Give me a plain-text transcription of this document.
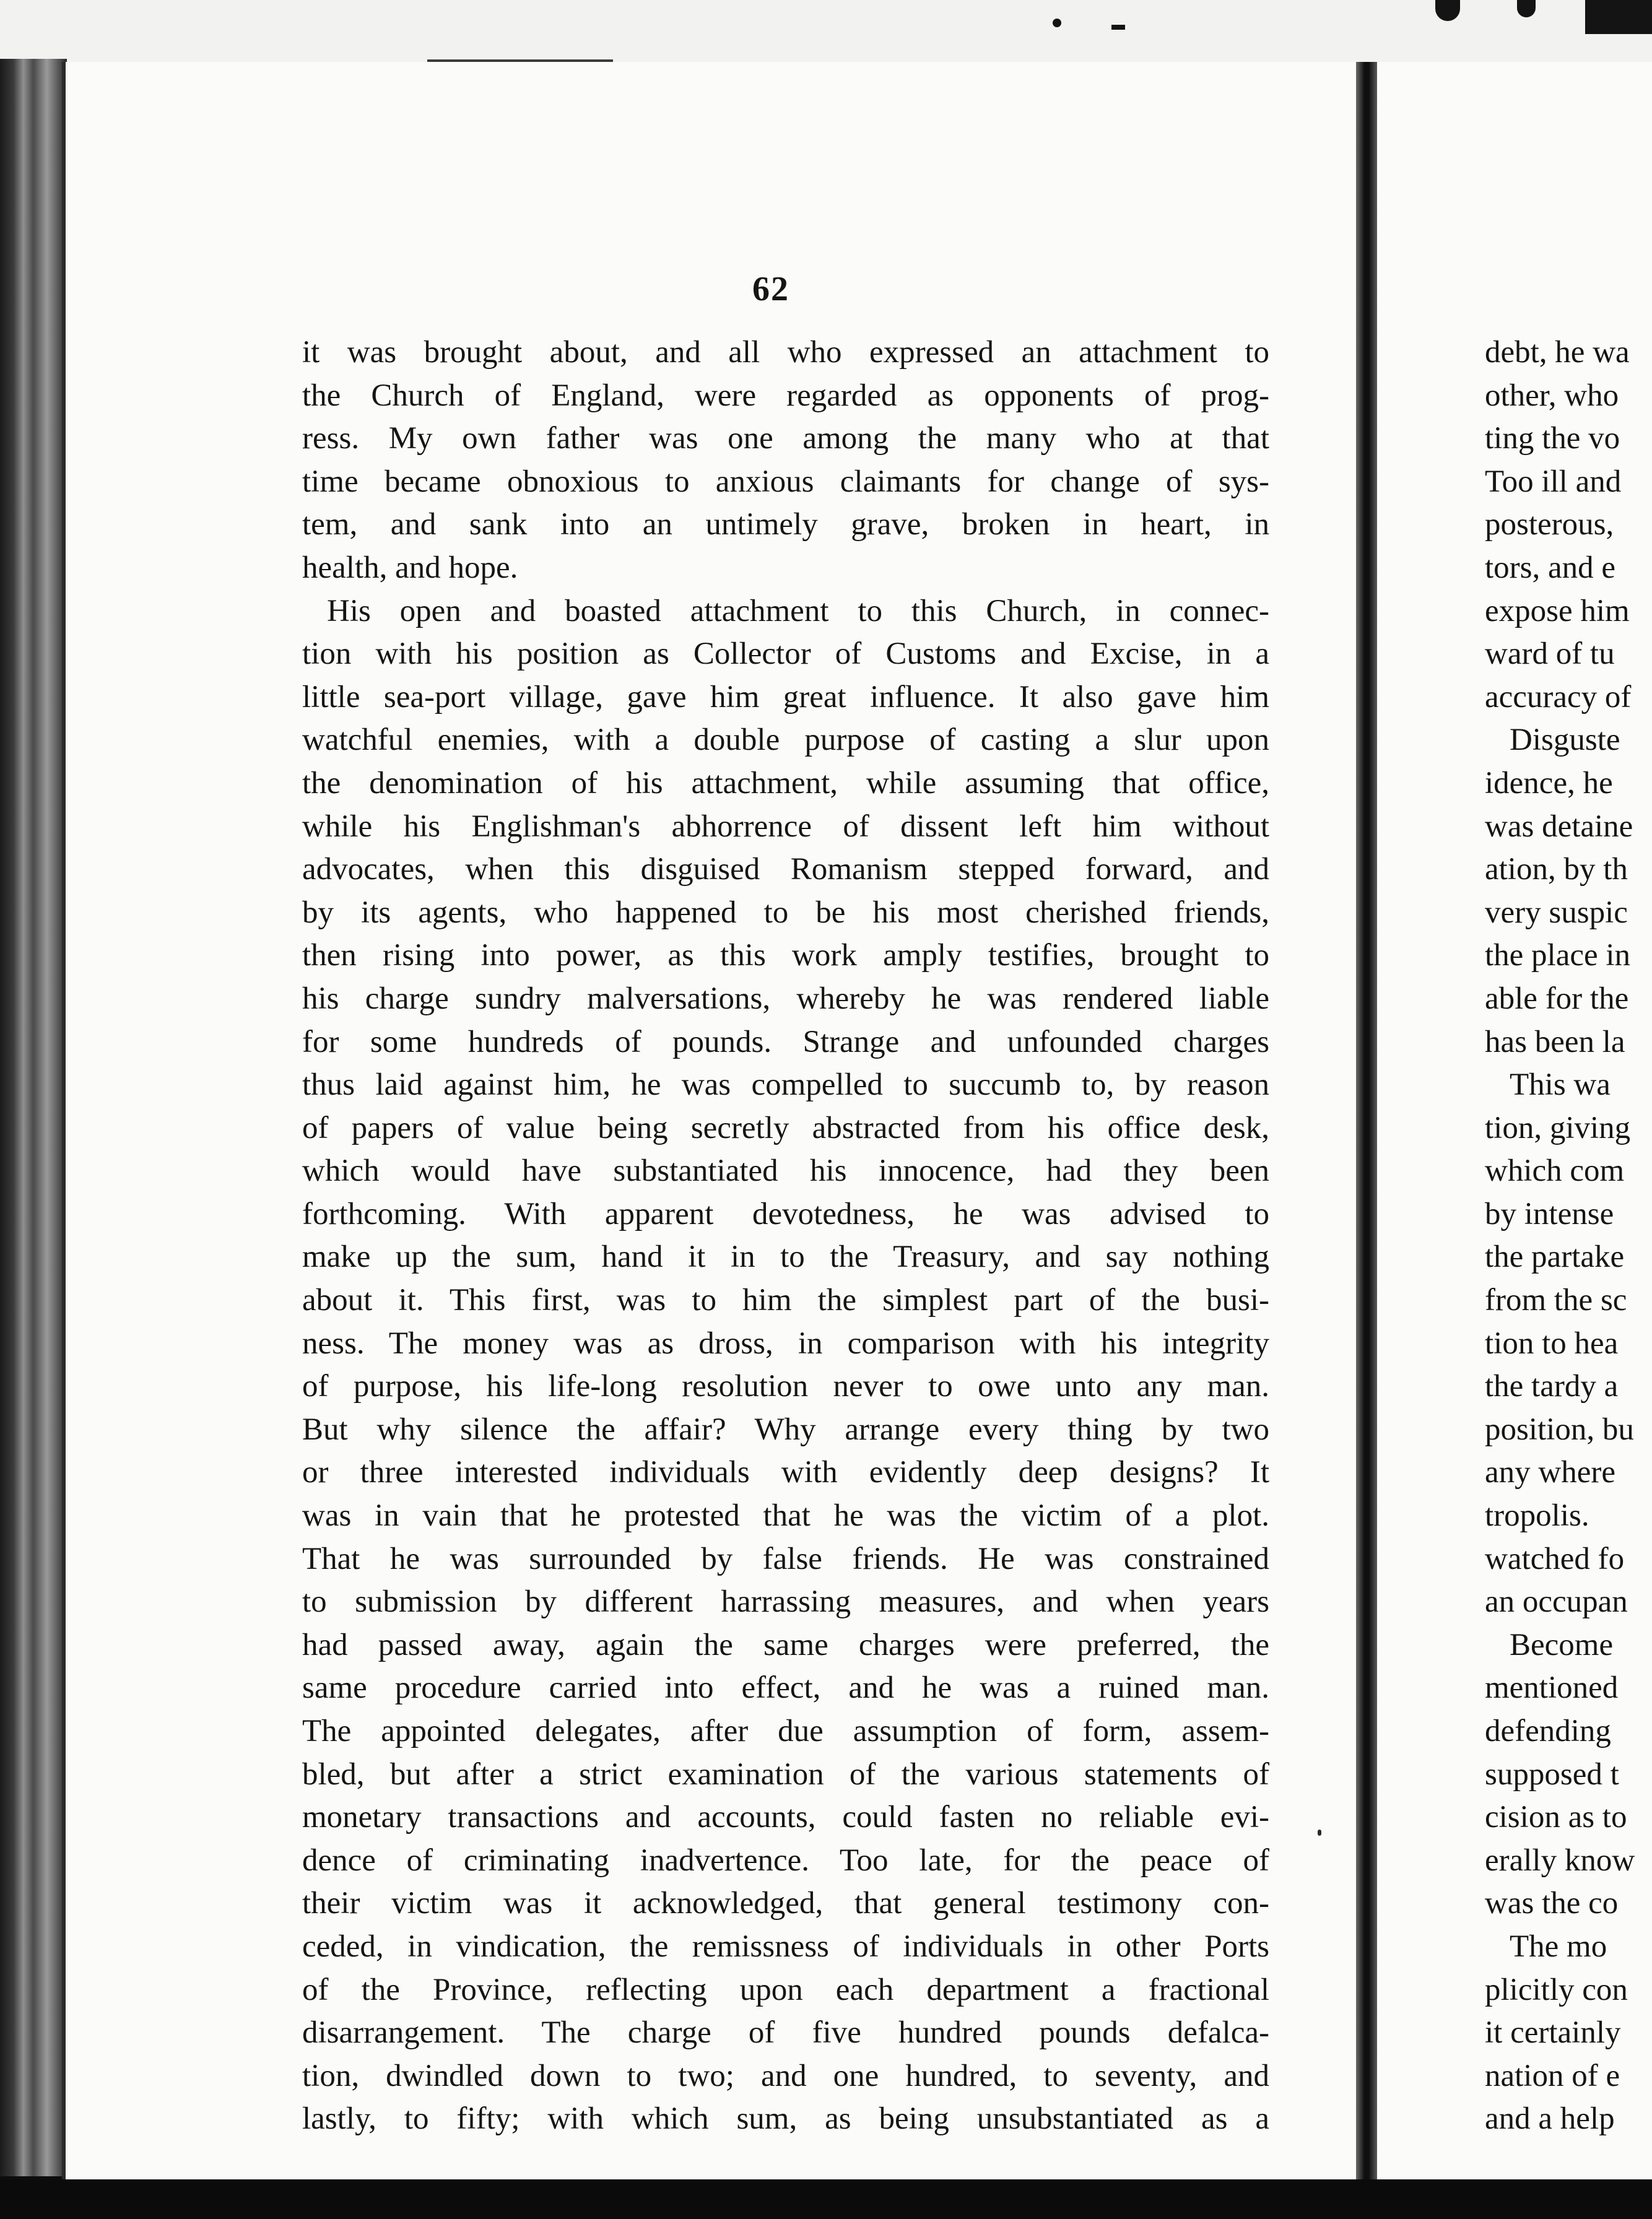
62
it was brought about, and all who expressed an attachment to
the Church of England, were regarded as opponents of prog-
ress. My own father was one among the many who at that
time became obnoxious to anxious claimants for change of sys-
tem, and sank into an untimely grave, broken in heart, in
health, and hope.
His open and boasted attachment to this Church, in connec-
tion with his position as Collector of Customs and Excise, in a
little sea-port village, gave him great influence. It also gave him
watchful enemies, with a double purpose of casting a slur upon
the denomination of his attachment, while assuming that office,
while his Englishman's abhorrence of dissent left him without
advocates, when this disguised Romanism stepped forward, and
by its agents, who happened to be his most cherished friends,
then rising into power, as this work amply testifies, brought to
his charge sundry malversations, whereby he was rendered liable
for some hundreds of pounds. Strange and unfounded charges
thus laid against him, he was compelled to succumb to, by reason
of papers of value being secretly abstracted from his office desk,
which would have substantiated his innocence, had they been
forthcoming. With apparent devotedness, he was advised to
make up the sum, hand it in to the Treasury, and say nothing
about it. This first, was to him the simplest part of the busi-
ness. The money was as dross, in comparison with his integrity
of purpose, his life-long resolution never to owe unto any man.
But why silence the affair? Why arrange every thing by two
or three interested individuals with evidently deep designs? It
was in vain that he protested that he was the victim of a plot.
That he was surrounded by false friends. He was constrained
to submission by different harrassing measures, and when years
had passed away, again the same charges were preferred, the
same procedure carried into effect, and he was a ruined man.
The appointed delegates, after due assumption of form, assem-
bled, but after a strict examination of the various statements of
monetary transactions and accounts, could fasten no reliable evi-
dence of criminating inadvertence. Too late, for the peace of
their victim was it acknowledged, that general testimony con-
ceded, in vindication, the remissness of individuals in other Ports
of the Province, reflecting upon each department a fractional
disarrangement. The charge of five hundred pounds defalca-
tion, dwindled down to two; and one hundred, to seventy, and
lastly, to fifty; with which sum, as being unsubstantiated as a
debt, he wa
other, who
ting the vo
Too ill and
posterous,
tors, and e
expose him
ward of tu
accuracy of
Disguste
idence, he
was detaine
ation, by th
very suspic
the place in
able for the
has been la
This wa
tion, giving
which com
by intense
the partake
from the sc
tion to hea
the tardy a
position, bu
any where
tropolis.
watched fo
an occupan
Become
mentioned
defending
supposed t
cision as to
erally know
was the co
The mo
plicitly con
it certainly
nation of e
and a help
